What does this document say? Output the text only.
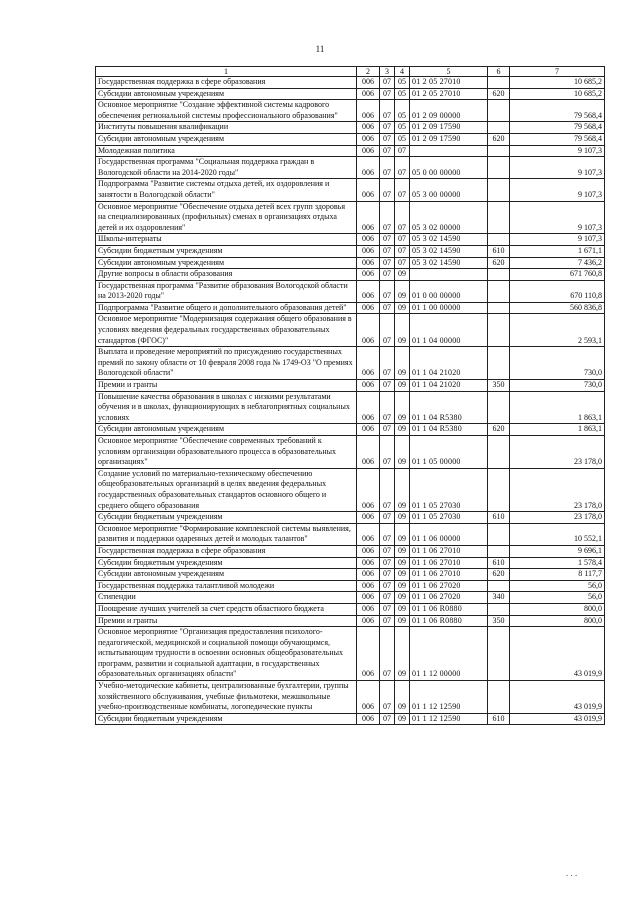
11
1	2	3	4	5	6	7
Государственная поддержка в сфере образования	006	07	05	01 2 05 27010		10 685,2
Субсидии автономным учреждениям	006	07	05	01 2 05 27010	620	10 685,2
Основное мероприятие "Создание эффективной системы кадрового обеспечения региональной системы профессионального образования"	006	07	05	01 2 09 00000		79 568,4
Институты повышения квалификации	006	07	05	01 2 09 17590		79 568,4
Субсидии автономным учреждениям	006	07	05	01 2 09 17590	620	79 568,4
Молодежная политика	006	07	07			9 107,3
Государственная программа "Социальная поддержка граждан в Вологодской области на 2014-2020 годы"	006	07	07	05 0 00 00000		9 107,3
Подпрограмма "Развитие системы отдыха детей, их оздоровления и занятости в Вологодской области"	006	07	07	05 3 00 00000		9 107,3
Основное мероприятие "Обеспечение отдыха детей всех групп здоровья на специализированных (профильных) сменах в организациях отдыха детей и их оздоровления"	006	07	07	05 3 02 00000		9 107,3
Школы-интернаты	006	07	07	05 3 02 14590		9 107,3
Субсидии бюджетным учреждениям	006	07	07	05 3 02 14590	610	1 671,1
Субсидии автономным учреждениям	006	07	07	05 3 02 14590	620	7 436,2
Другие вопросы в области образования	006	07	09			671 760,8
Государственная программа "Развитие образования Вологодской области на 2013-2020 годы"	006	07	09	01 0 00 00000		670 110,8
Подпрограмма "Развитие общего и дополнительного образования детей"	006	07	09	01 1 00 00000		560 836,8
Основное мероприятие "Модернизация содержания общего образования в условиях введения федеральных государственных образовательных стандартов (ФГОС)"	006	07	09	01 1 04 00000		2 593,1
Выплата и проведение мероприятий по присуждению государственных премий по закону области от 10 февраля 2008 года № 1749-ОЗ "О премиях Вологодской области"	006	07	09	01 1 04 21020		730,0
Премии и гранты	006	07	09	01 1 04 21020	350	730,0
Повышение качества образования в школах с низкими результатами обучения и в школах, функционирующих в неблагоприятных социальных условиях	006	07	09	01 1 04 R5380		1 863,1
Субсидии автономным учреждениям	006	07	09	01 1 04 R5380	620	1 863,1
Основное мероприятие "Обеспечение современных требований к условиям организации образовательного процесса в образовательных организациях"	006	07	09	01 1 05 00000		23 178,0
Создание условий по материально-техническому обеспечению общеобразовательных организаций в целях введения федеральных государственных образовательных стандартов основного общего и среднего общего образования	006	07	09	01 1 05 27030		23 178,0
Субсидии бюджетным учреждениям	006	07	09	01 1 05 27030	610	23 178,0
Основное мероприятие "Формирование комплексной системы выявления, развития и поддержки одаренных детей и молодых талантов"	006	07	09	01 1 06 00000		10 552,1
Государственная поддержка в сфере образования	006	07	09	01 1 06 27010		9 696,1
Субсидии бюджетным учреждениям	006	07	09	01 1 06 27010	610	1 578,4
Субсидии автономным учреждениям	006	07	09	01 1 06 27010	620	8 117,7
Государственная поддержка талантливой молодежи	006	07	09	01 1 06 27020		56,0
Стипендии	006	07	09	01 1 06 27020	340	56,0
Поощрение лучших учителей за счет средств областного бюджета	006	07	09	01 1 06 R0880		800,0
Премии и гранты	006	07	09	01 1 06 R0880	350	800,0
Основное мероприятие "Организация предоставления психолого-педагогической, медицинской и социальной помощи обучающимся, испытывающим трудности в освоении основных общеобразовательных программ, развитии и социальной адаптации, в государственных образовательных организациях области"	006	07	09	01 1 12 00000		43 019,9
Учебно-методические кабинеты, централизованные бухгалтерии, группы хозяйственного обслуживания, учебные фильмотеки, межшкольные учебно-производственные комбинаты, логопедические пункты	006	07	09	01 1 12 12590		43 019,9
Субсидии бюджетным учреждениям	006	07	09	01 1 12 12590	610	43 019,9
. . .
